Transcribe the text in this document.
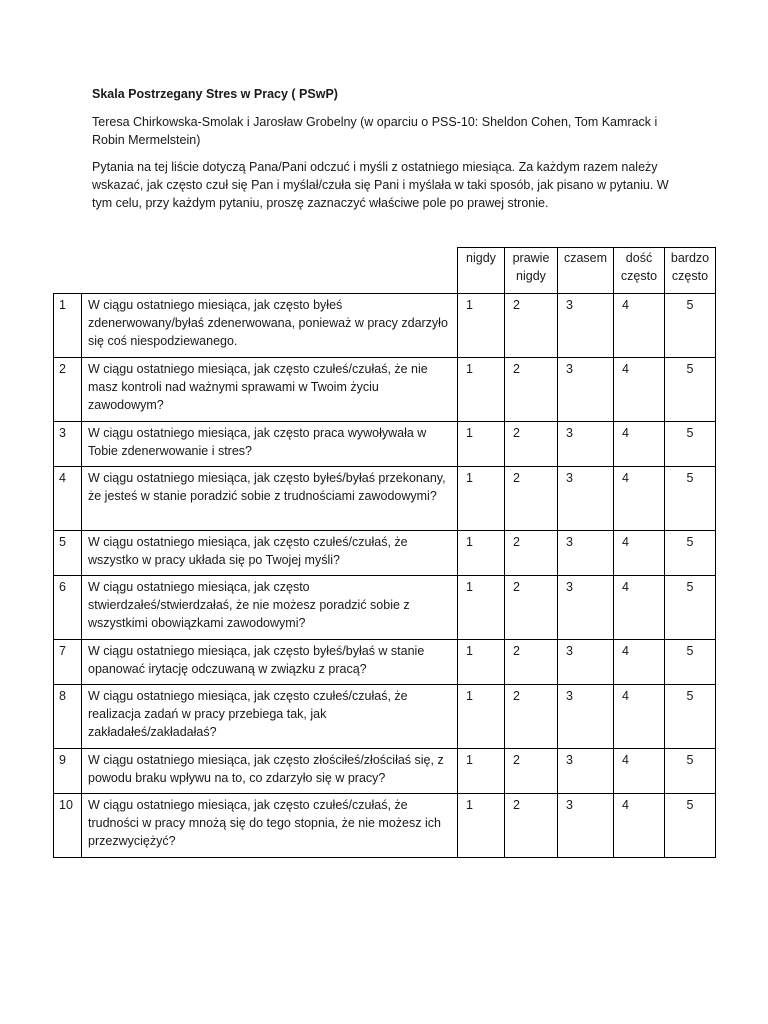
Skala Postrzegany Stres w Pracy ( PSwP)
Teresa Chirkowska-Smolak i Jarosław Grobelny (w oparciu o PSS-10: Sheldon Cohen, Tom Kamrack i Robin Mermelstein)
Pytania na tej liście dotyczą Pana/Pani odczuć i myśli z ostatniego miesiąca. Za każdym razem należy wskazać, jak często czuł się Pan i myślał/czuła się Pani i myślała w taki sposób, jak pisano w pytaniu. W tym celu, przy każdym pytaniu, proszę zaznaczyć właściwe pole po prawej stronie.
		nigdy	prawie nigdy	czasem	dość często	bardzo często
1	W ciągu ostatniego miesiąca, jak często byłeś zdenerwowany/byłaś zdenerwowana, ponieważ w pracy zdarzyło się coś niespodziewanego.	1	2	3	4	5
2	W ciągu ostatniego miesiąca, jak często czułeś/czułaś, że nie masz kontroli nad ważnymi sprawami w Twoim życiu zawodowym?	1	2	3	4	5
3	W ciągu ostatniego miesiąca, jak często praca wywoływała w Tobie zdenerwowanie i stres?	1	2	3	4	5
4	W ciągu ostatniego miesiąca, jak często byłeś/byłaś przekonany, że jesteś w stanie poradzić sobie z trudnościami zawodowymi?	1	2	3	4	5
5	W ciągu ostatniego miesiąca, jak często czułeś/czułaś, że wszystko w pracy układa się po Twojej myśli?	1	2	3	4	5
6	W ciągu ostatniego miesiąca, jak często stwierdzałeś/stwierdzałaś, że nie możesz poradzić sobie z wszystkimi obowiązkami zawodowymi?	1	2	3	4	5
7	W ciągu ostatniego miesiąca, jak często byłeś/byłaś w stanie opanować irytację odczuwaną w związku z pracą?	1	2	3	4	5
8	W ciągu ostatniego miesiąca, jak często czułeś/czułaś, że realizacja zadań w pracy przebiega tak, jak zakładałeś/zakładałaś?	1	2	3	4	5
9	W ciągu ostatniego miesiąca, jak często złościłeś/złościłaś się, z powodu braku wpływu na to, co zdarzyło się w pracy?	1	2	3	4	5
10	W ciągu ostatniego miesiąca, jak często czułeś/czułaś, że trudności w pracy mnożą się do tego stopnia, że nie możesz ich przezwyciężyć?	1	2	3	4	5
